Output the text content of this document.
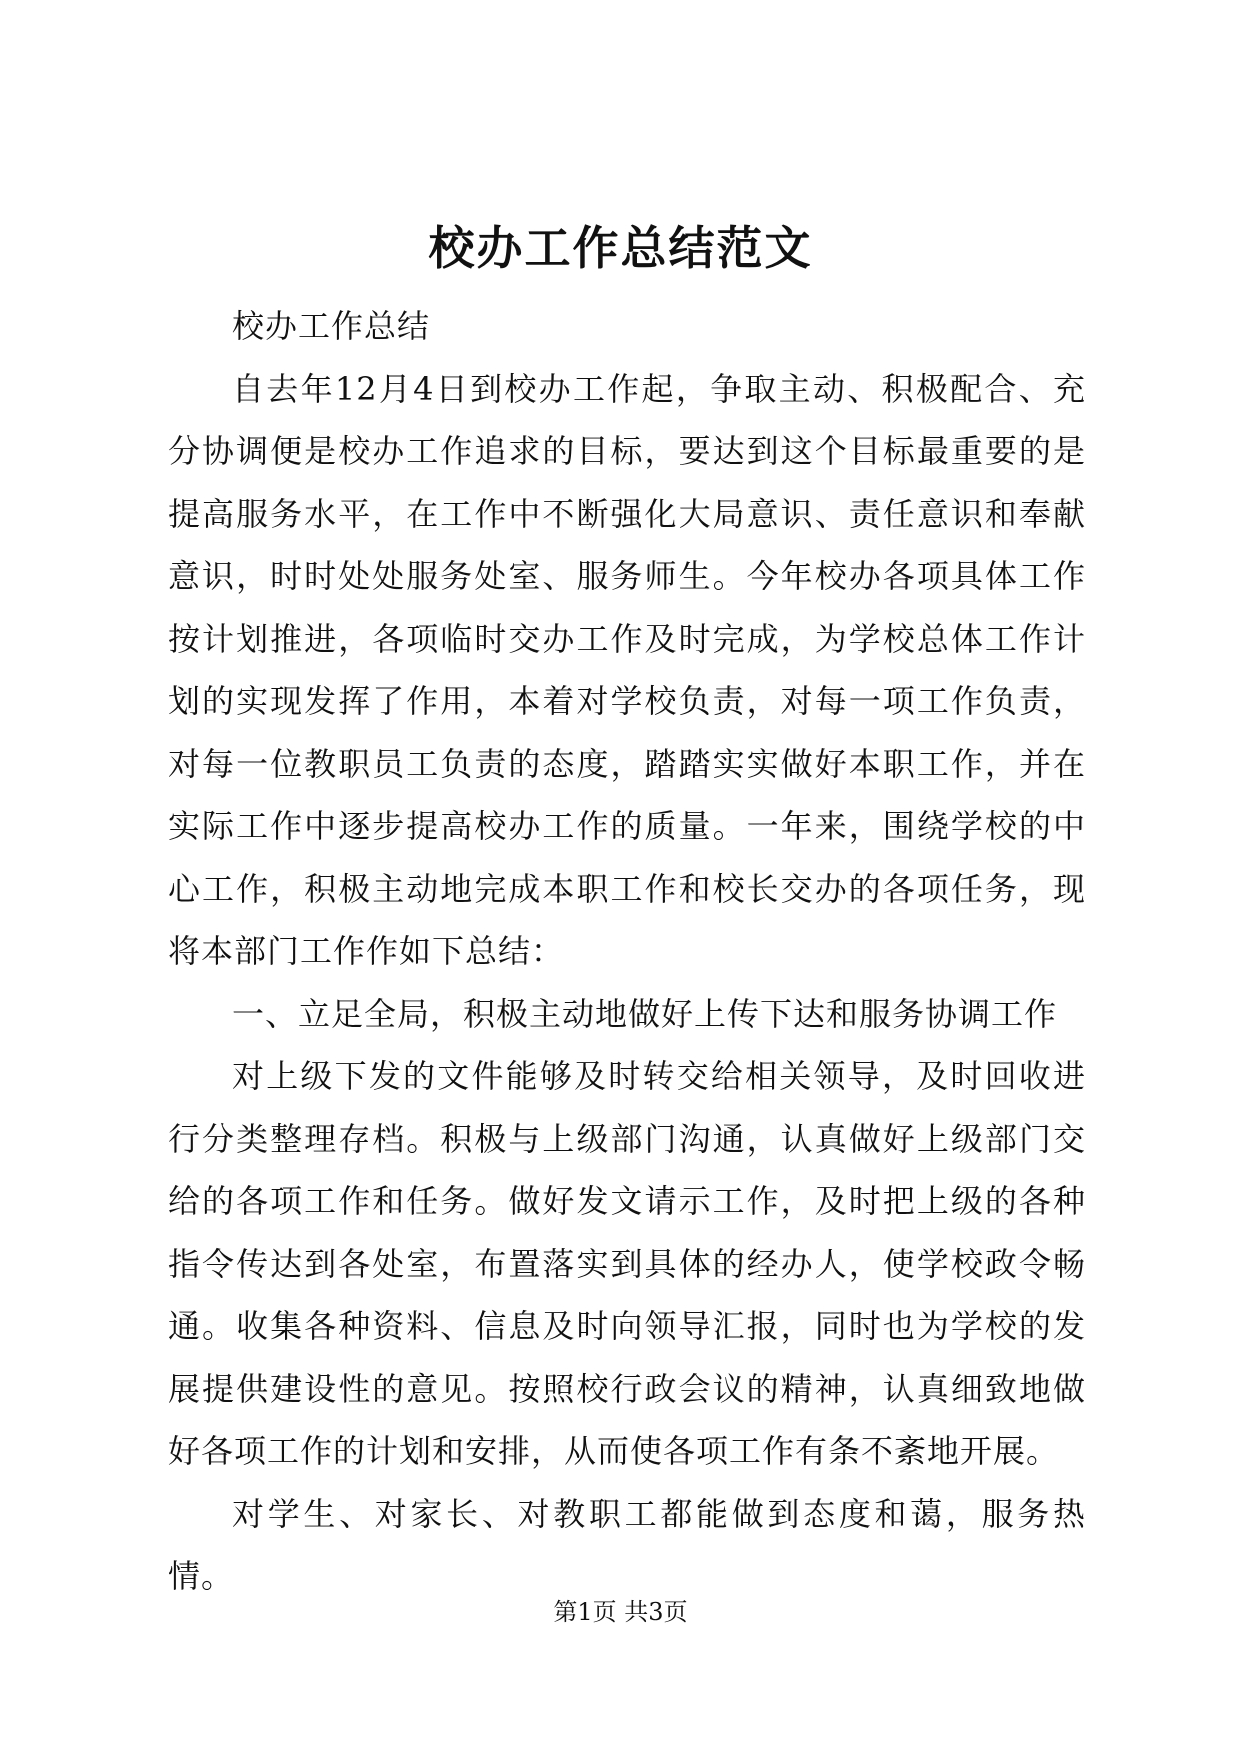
校办工作总结范文

校办工作总结

自去年12月4日到校办工作起，争取主动、积极配合、充分协调便是校办工作追求的目标，要达到这个目标最重要的是提高服务水平，在工作中不断强化大局意识、责任意识和奉献意识，时时处处服务处室、服务师生。今年校办各项具体工作按计划推进，各项临时交办工作及时完成，为学校总体工作计划的实现发挥了作用，本着对学校负责，对每一项工作负责，对每一位教职员工负责的态度，踏踏实实做好本职工作，并在实际工作中逐步提高校办工作的质量。一年来，围绕学校的中心工作，积极主动地完成本职工作和校长交办的各项任务，现将本部门工作作如下总结：

一、立足全局，积极主动地做好上传下达和服务协调工作

对上级下发的文件能够及时转交给相关领导，及时回收进行分类整理存档。积极与上级部门沟通，认真做好上级部门交给的各项工作和任务。做好发文请示工作，及时把上级的各种指令传达到各处室，布置落实到具体的经办人，使学校政令畅通。收集各种资料、信息及时向领导汇报，同时也为学校的发展提供建设性的意见。按照校行政会议的精神，认真细致地做好各项工作的计划和安排，从而使各项工作有条不紊地开展。

对学生、对家长、对教职工都能做到态度和蔼，服务热情。

第1页 共3页
